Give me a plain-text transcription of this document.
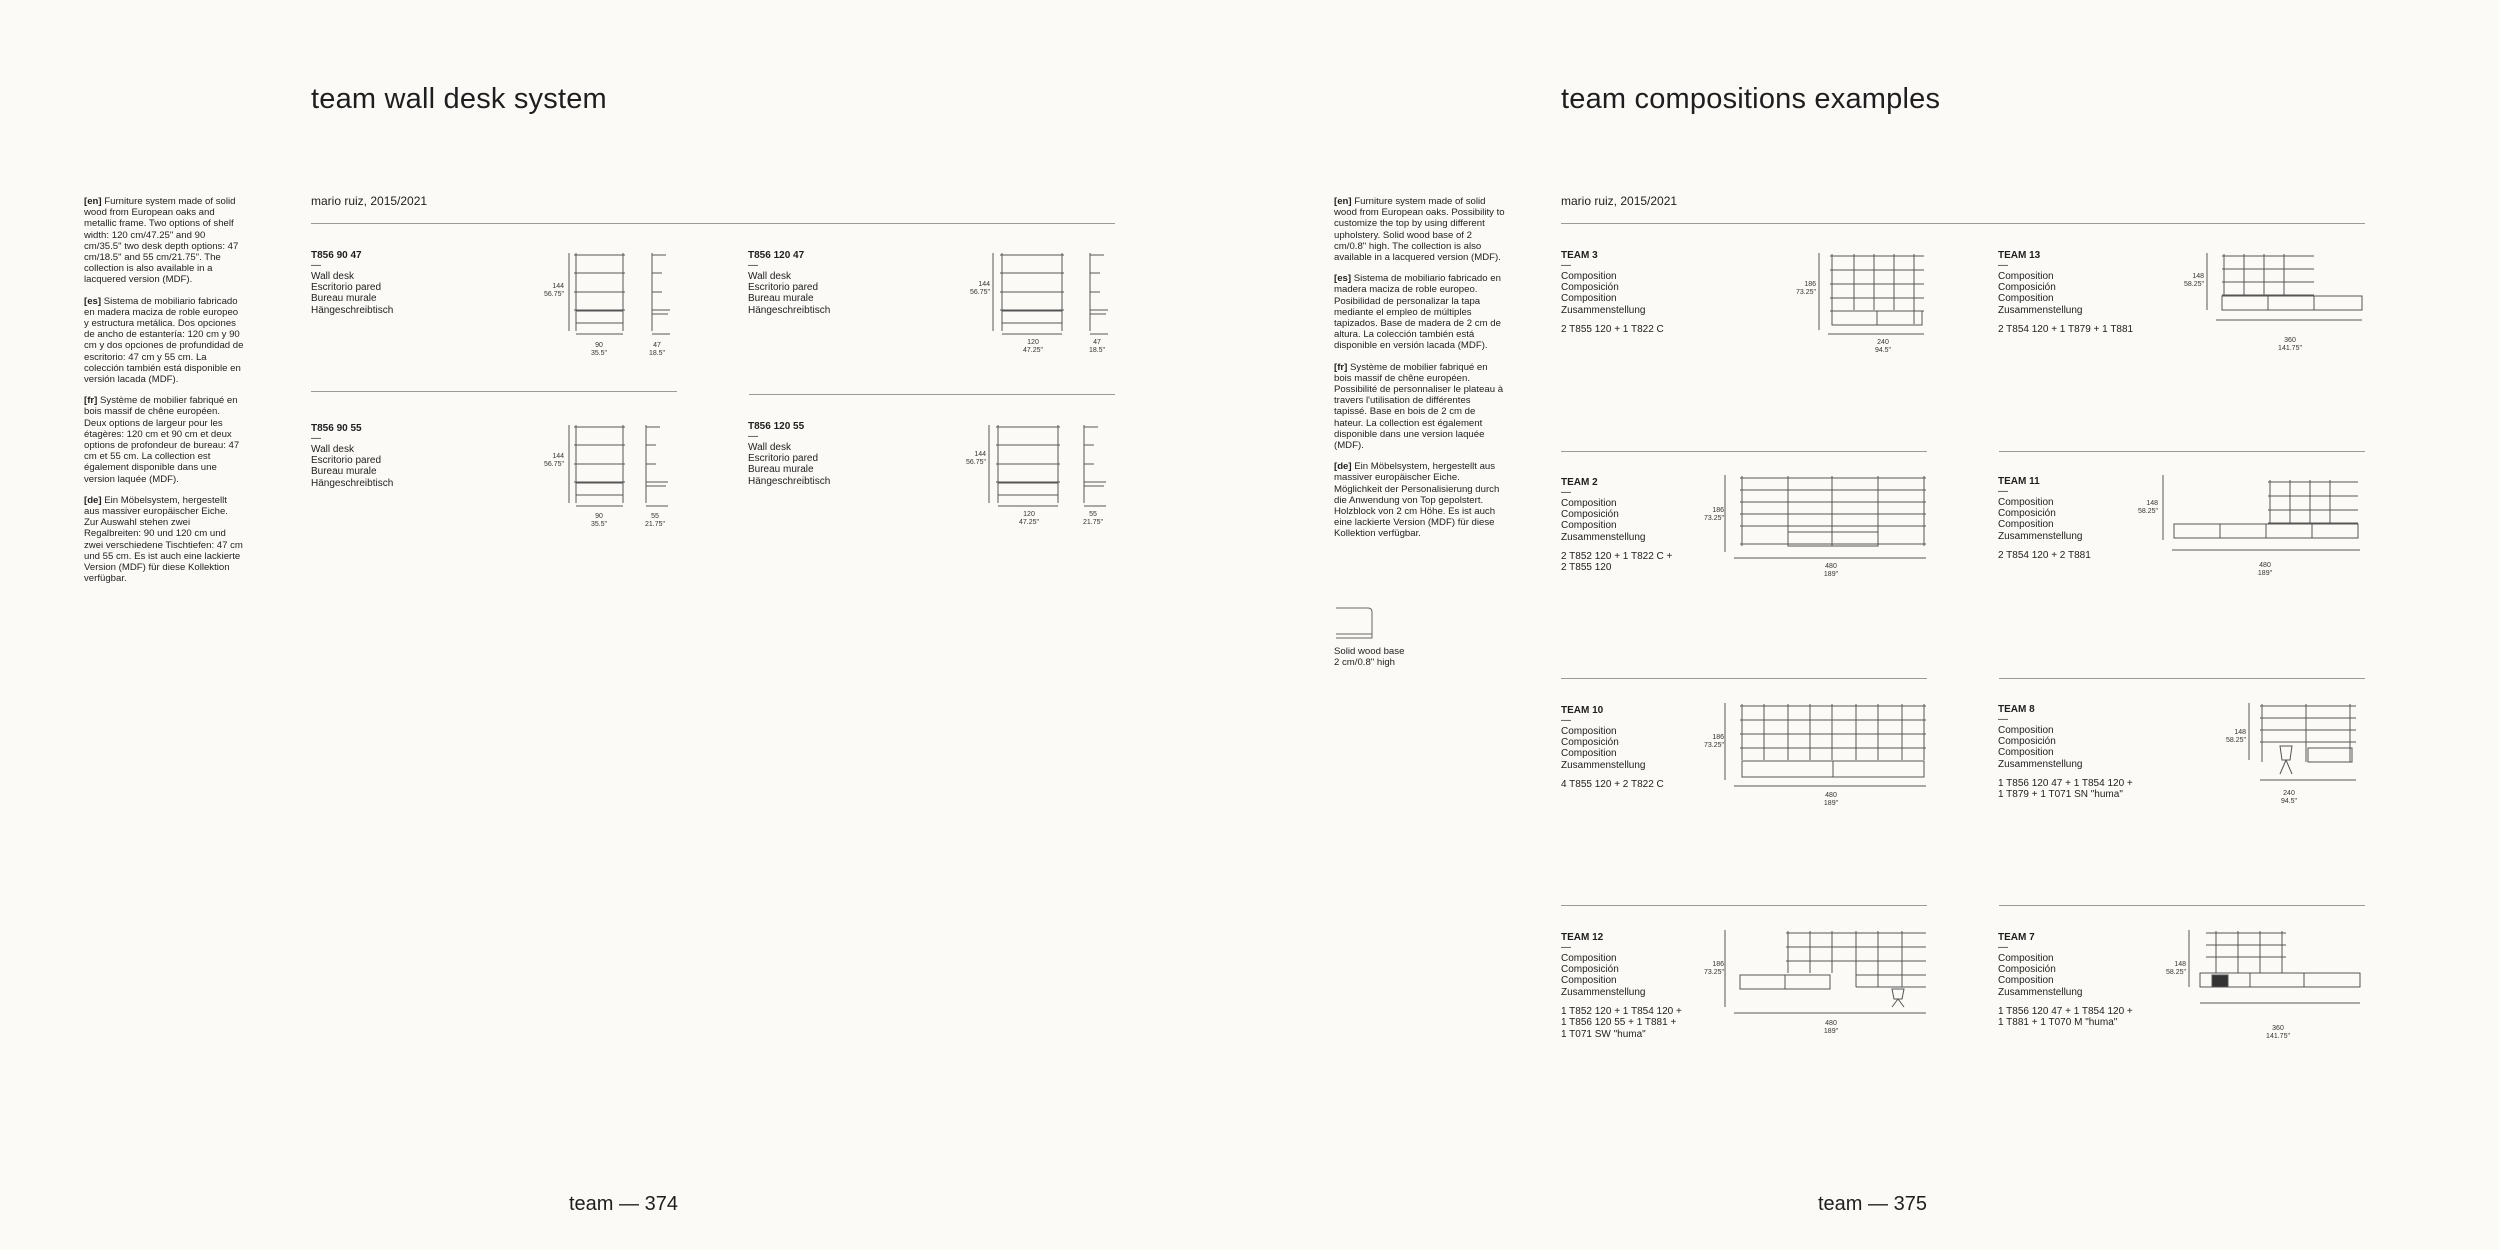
team wall desk system

[en] Furniture system made of solid wood from European oaks and metallic frame. Two options of shelf width: 120 cm/47.25" and 90 cm/35.5" two desk depth options: 47 cm/18.5" and 55 cm/21.75". The collection is also available in a lacquered version (MDF).

[es] Sistema de mobiliario fabricado en madera maciza de roble europeo y estructura metálica. Dos opciones de ancho de estantería: 120 cm y 90 cm y dos opciones de profundidad de escritorio: 47 cm y 55 cm. La colección también está disponible en versión lacada (MDF).

[fr] Système de mobilier fabriqué en bois massif de chêne européen. Deux options de largeur pour les étagères: 120 cm et 90 cm et deux options de profondeur de bureau: 47 cm et 55 cm. La collection est également disponible dans une version laquée (MDF).

[de] Ein Möbelsystem, hergestellt aus massiver europäischer Eiche. Zur Auswahl stehen zwei Regalbreiten: 90 und 120 cm und zwei verschiedene Tischtiefen: 47 cm und 55 cm. Es ist auch eine lackierte Version (MDF) für diese Kollektion verfügbar.

mario ruiz, 2015/2021
T856 90 47
—
Wall desk
Escritorio pared
Bureau murale
Hängeschreibtisch
T856 120 47
—
Wall desk
Escritorio pared
Bureau murale
Hängeschreibtisch
T856 90 55
—
Wall desk
Escritorio pared
Bureau murale
Hängeschreibtisch
T856 120 55
—
Wall desk
Escritorio pared
Bureau murale
Hängeschreibtisch
144
56.75"
90
35.5"
47
18.5"
144
56.75"
120
47.25"
47
18.5"
144
56.75"
90
35.5"
55
21.75"
144
56.75"
120
47.25"
55
21.75"
team — 374
team compositions examples

[en] Furniture system made of solid wood from European oaks. Possibility to customize the top by using different upholstery. Solid wood base of 2 cm/0.8" high. The collection is also available in a lacquered version (MDF).

[es] Sistema de mobiliario fabricado en madera maciza de roble europeo. Posibilidad de personalizar la tapa mediante el empleo de múltiples tapizados. Base de madera de 2 cm de altura. La colección también está disponible en versión lacada (MDF).

[fr] Système de mobilier fabriqué en bois massif de chêne européen. Possibilité de personnaliser le plateau à travers l'utilisation de différentes tapissé. Base en bois de 2 cm de hateur. La collection est également disponible dans une version laquée (MDF).

[de] Ein Möbelsystem, hergestellt aus massiver europäischer Eiche. Möglichkeit der Personalisierung durch die Anwendung von Top gepolstert. Holzblock von 2 cm Höhe. Es ist auch eine lackierte Version (MDF) für diese Kollektion verfügbar.

Solid wood base
2 cm/0.8" high
mario ruiz, 2015/2021
TEAM 3
—
Composition
Composición
Composition
Zusammenstellung
2 T855 120 + 1 T822 C
TEAM 13
—
Composition
Composición
Composition
Zusammenstellung
2 T854 120 + 1 T879 + 1 T881
TEAM 2
—
Composition
Composición
Composition
Zusammenstellung
2 T852 120 + 1 T822 C +
2 T855 120
TEAM 11
—
Composition
Composición
Composition
Zusammenstellung
2 T854 120 + 2 T881
TEAM 10
—
Composition
Composición
Composition
Zusammenstellung
4 T855 120 + 2 T822 C
TEAM 8
—
Composition
Composición
Composition
Zusammenstellung
1 T856 120 47 + 1 T854 120 +
1 T879 + 1 T071 SN "huma"
TEAM 12
—
Composition
Composición
Composition
Zusammenstellung
1 T852 120 + 1 T854 120 +
1 T856 120 55 + 1 T881 +
1 T071 SW "huma"
TEAM 7
—
Composition
Composición
Composition
Zusammenstellung
1 T856 120 47 + 1 T854 120 +
1 T881 + 1 T070 M "huma"
186
73.25"
240
94.5"
148
58.25"
360
141.75"
186
73.25"
480
189"
148
58.25"
480
189"
186
73.25"
480
189"
148
58.25"
240
94.5"
186
73.25"
480
189"
148
58.25"
360
141.75"
team — 375
